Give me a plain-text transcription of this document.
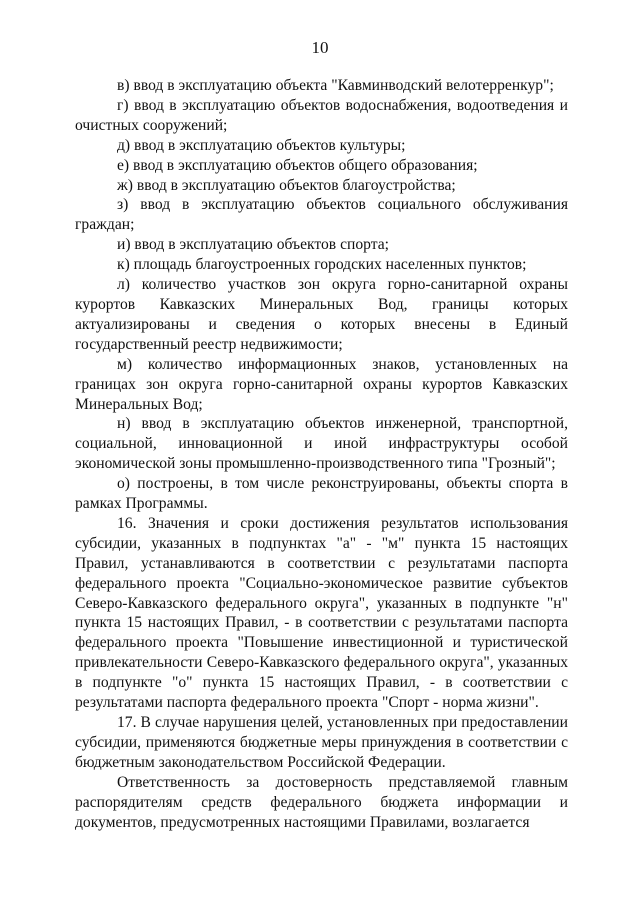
10

в) ввод в эксплуатацию объекта "Кавминводский велотерренкур";

г) ввод в эксплуатацию объектов водоснабжения, водоотведения и очистных сооружений;

д) ввод в эксплуатацию объектов культуры;

е) ввод в эксплуатацию объектов общего образования;

ж) ввод в эксплуатацию объектов благоустройства;

з) ввод в эксплуатацию объектов социального обслуживания граждан;

и) ввод в эксплуатацию объектов спорта;

к) площадь благоустроенных городских населенных пунктов;

л) количество участков зон округа горно-санитарной охраны курортов Кавказских Минеральных Вод, границы которых актуализированы и сведения о которых внесены в Единый государственный реестр недвижимости;

м) количество информационных знаков, установленных на границах зон округа горно-санитарной охраны курортов Кавказских Минеральных Вод;

н) ввод в эксплуатацию объектов инженерной, транспортной, социальной, инновационной и иной инфраструктуры особой экономической зоны промышленно-производственного типа "Грозный";

о) построены, в том числе реконструированы, объекты спорта в рамках Программы.

16. Значения и сроки достижения результатов использования субсидии, указанных в подпунктах "а" - "м" пункта 15 настоящих Правил, устанавливаются в соответствии с результатами паспорта федерального проекта "Социально-экономическое развитие субъектов Северо-Кавказского федерального округа", указанных в подпункте "н" пункта 15 настоящих Правил, - в соответствии с результатами паспорта федерального проекта "Повышение инвестиционной и туристической привлекательности Северо-Кавказского федерального округа", указанных в подпункте "о" пункта 15 настоящих Правил, - в соответствии с результатами паспорта федерального проекта "Спорт - норма жизни".

17. В случае нарушения целей, установленных при предоставлении субсидии, применяются бюджетные меры принуждения в соответствии с бюджетным законодательством Российской Федерации.

Ответственность за достоверность представляемой главным распорядителям средств федерального бюджета информации и документов, предусмотренных настоящими Правилами, возлагается
